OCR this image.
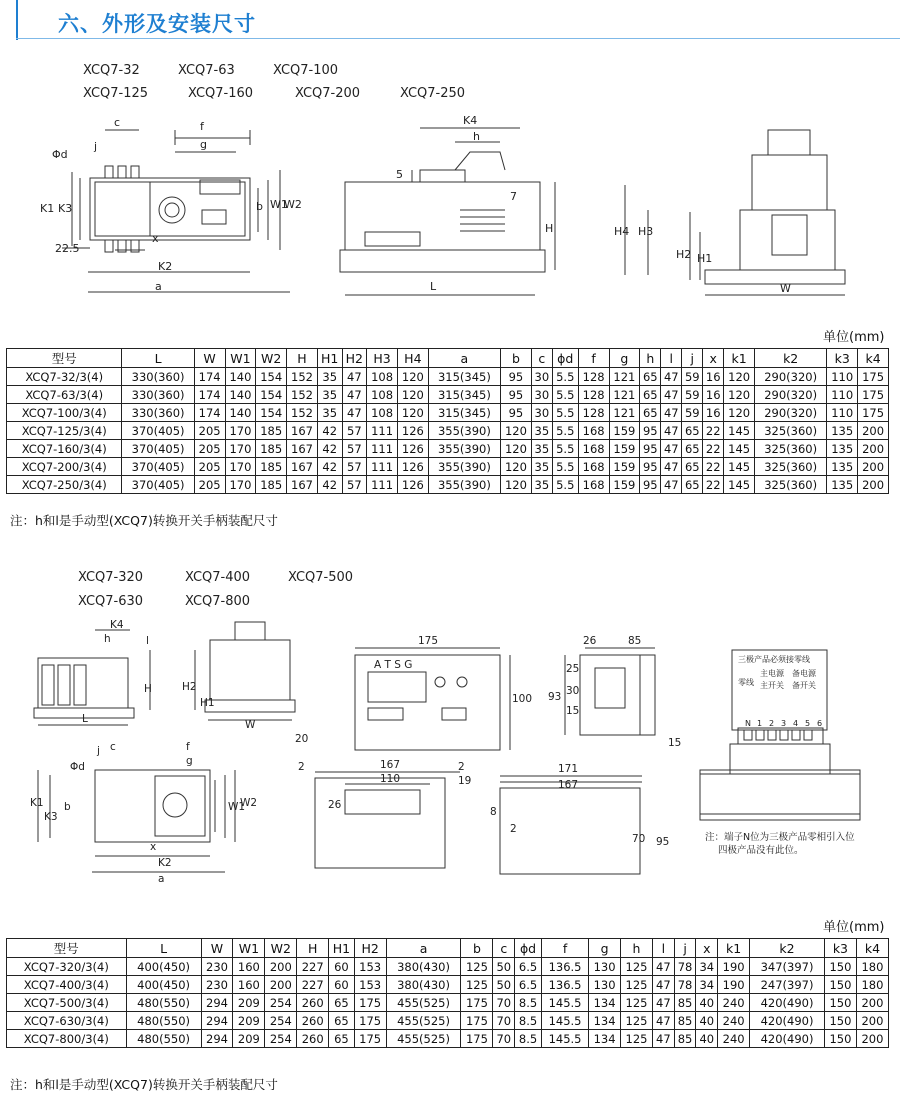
六、外形及安装尺寸
XCQ7-32	XCQ7-63	XCQ7-100
XCQ7-125	XCQ7-160	XCQ7-200	XCQ7-250
c
j
f
g
Φd
K1 K3	b W1
W2
22.5
x
K2
a
K4
h
5
7
H
L
H4 H3
H2 H1
W
单位(mm)
型号	L	W	W1	W2	H	H1	H2	H3	H4	a	b	c	ϕd	f	g	h	l	j	x	k1	k2	k3	k4
XCQ7-32/3(4)	330(360)	174	140	154	152	35	47	108	120	315(345)	95	30	5.5	128	121	65	47	59	16	120	290(320)	110	175
XCQ7-63/3(4)	330(360)	174	140	154	152	35	47	108	120	315(345)	95	30	5.5	128	121	65	47	59	16	120	290(320)	110	175
XCQ7-100/3(4)	330(360)	174	140	154	152	35	47	108	120	315(345)	95	30	5.5	128	121	65	47	59	16	120	290(320)	110	175
XCQ7-125/3(4)	370(405)	205	170	185	167	42	57	111	126	355(390)	120	35	5.5	168	159	95	47	65	22	145	325(360)	135	200
XCQ7-160/3(4)	370(405)	205	170	185	167	42	57	111	126	355(390)	120	35	5.5	168	159	95	47	65	22	145	325(360)	135	200
XCQ7-200/3(4)	370(405)	205	170	185	167	42	57	111	126	355(390)	120	35	5.5	168	159	95	47	65	22	145	325(360)	135	200
XCQ7-250/3(4)	370(405)	205	170	185	167	42	57	111	126	355(390)	120	35	5.5	168	159	95	47	65	22	145	325(360)	135	200
注：h和l是手动型(XCQ7)转换开关手柄装配尺寸
XCQ7-320	XCQ7-400	XCQ7-500
XCQ7-630	XCQ7-800
K4
h	l
H
L
H2
H1
W
20
175
100
A T S G
26	85
93
25
30
15
15
三极产品必须接零线
零线
主电源
主开关
备电源
备开关
N 1 2 3 4 5 6
c
j	f
g
Φd
K1
K3
b	W1
W2
x
K2
a
2	2
167
110	19
26
171
167
8
2
70 95	注：端子N位为三极产品零相引入位
四极产品没有此位。
单位(mm)
型号	L	W	W1	W2	H	H1	H2	a	b	c	ϕd	f	g	h	l	j	x	k1	k2	k3	k4
XCQ7-320/3(4)	400(450)	230	160	200	227	60	153	380(430)	125	50	6.5	136.5	130	125	47	78	34	190	347(397)	150	180
XCQ7-400/3(4)	400(450)	230	160	200	227	60	153	380(430)	125	50	6.5	136.5	130	125	47	78	34	190	247(397)	150	180
XCQ7-500/3(4)	480(550)	294	209	254	260	65	175	455(525)	175	70	8.5	145.5	134	125	47	85	40	240	420(490)	150	200
XCQ7-630/3(4)	480(550)	294	209	254	260	65	175	455(525)	175	70	8.5	145.5	134	125	47	85	40	240	420(490)	150	200
XCQ7-800/3(4)	480(550)	294	209	254	260	65	175	455(525)	175	70	8.5	145.5	134	125	47	85	40	240	420(490)	150	200
注：h和l是手动型(XCQ7)转换开关手柄装配尺寸
